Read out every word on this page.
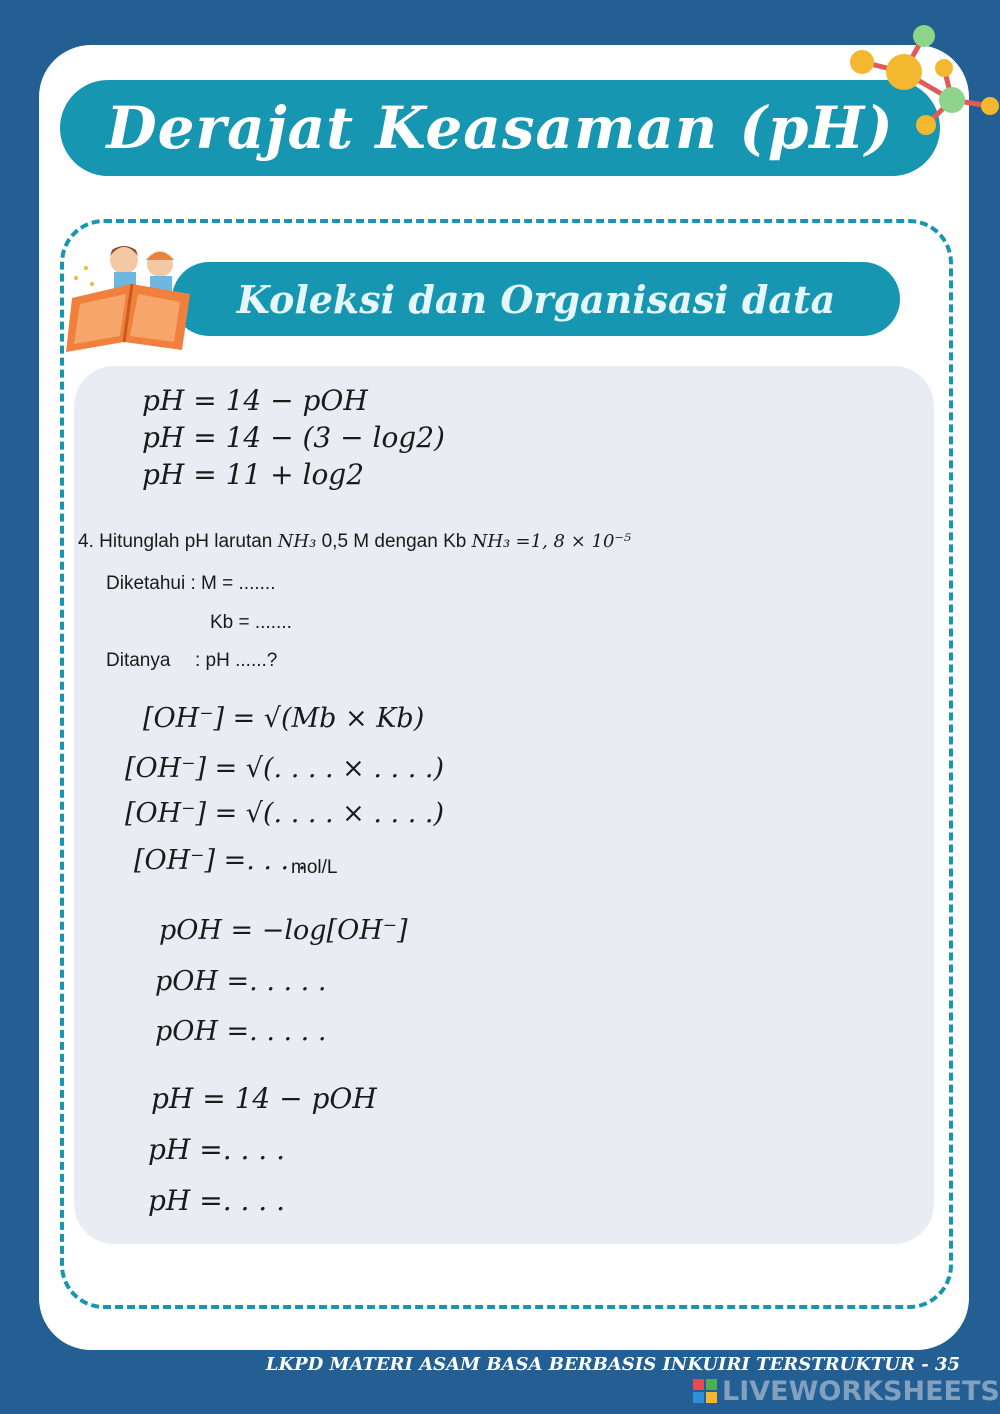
Derajat Keasaman (pH)
Koleksi dan Organisasi data
pH = 14 − pOH
pH = 14 − (3 − log2)
pH = 11 + log2
4. Hitunglah pH larutan NH₃ 0,5 M dengan Kb NH₃ =1, 8 × 10⁻⁵
Diketahui : M = .......
Kb = .......
Ditanya : pH ......?
[OH⁻] = √(Mb × Kb)
[OH⁻] = √(. . . . × . . . .)
[OH⁻] = √(. . . . × . . . .)
[OH⁻] =. . . .
mol/L
pOH = −log[OH⁻]
pOH =. . . . .
pOH =. . . . .
pH = 14 − pOH
pH =. . . .
pH =. . . .
LKPD MATERI ASAM BASA BERBASIS INKUIRI TERSTRUKTUR - 35
LIVEWORKSHEETS
